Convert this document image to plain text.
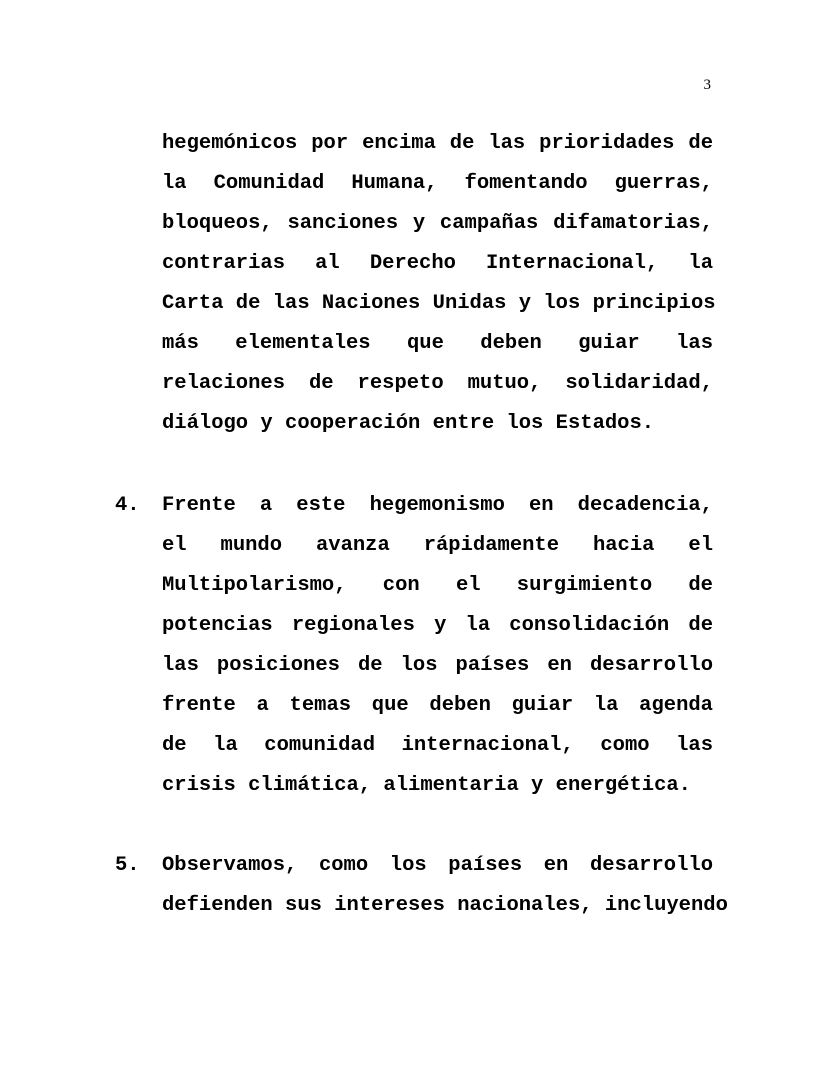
3
hegemónicos por encima de las prioridades de
la Comunidad Humana, fomentando guerras,
bloqueos, sanciones y campañas difamatorias,
contrarias al Derecho Internacional, la
Carta de las Naciones Unidas y los principios
más elementales que deben guiar las
relaciones de respeto mutuo, solidaridad,
diálogo y cooperación entre los Estados.
4.	Frente a este hegemonismo en decadencia,
el mundo avanza rápidamente hacia el
Multipolarismo, con el surgimiento de
potencias regionales y la consolidación de
las posiciones de los países en desarrollo
frente a temas que deben guiar la agenda
de la comunidad internacional, como las
crisis climática, alimentaria y energética.
5.	Observamos, como los países en desarrollo
defienden sus intereses nacionales, incluyendo
